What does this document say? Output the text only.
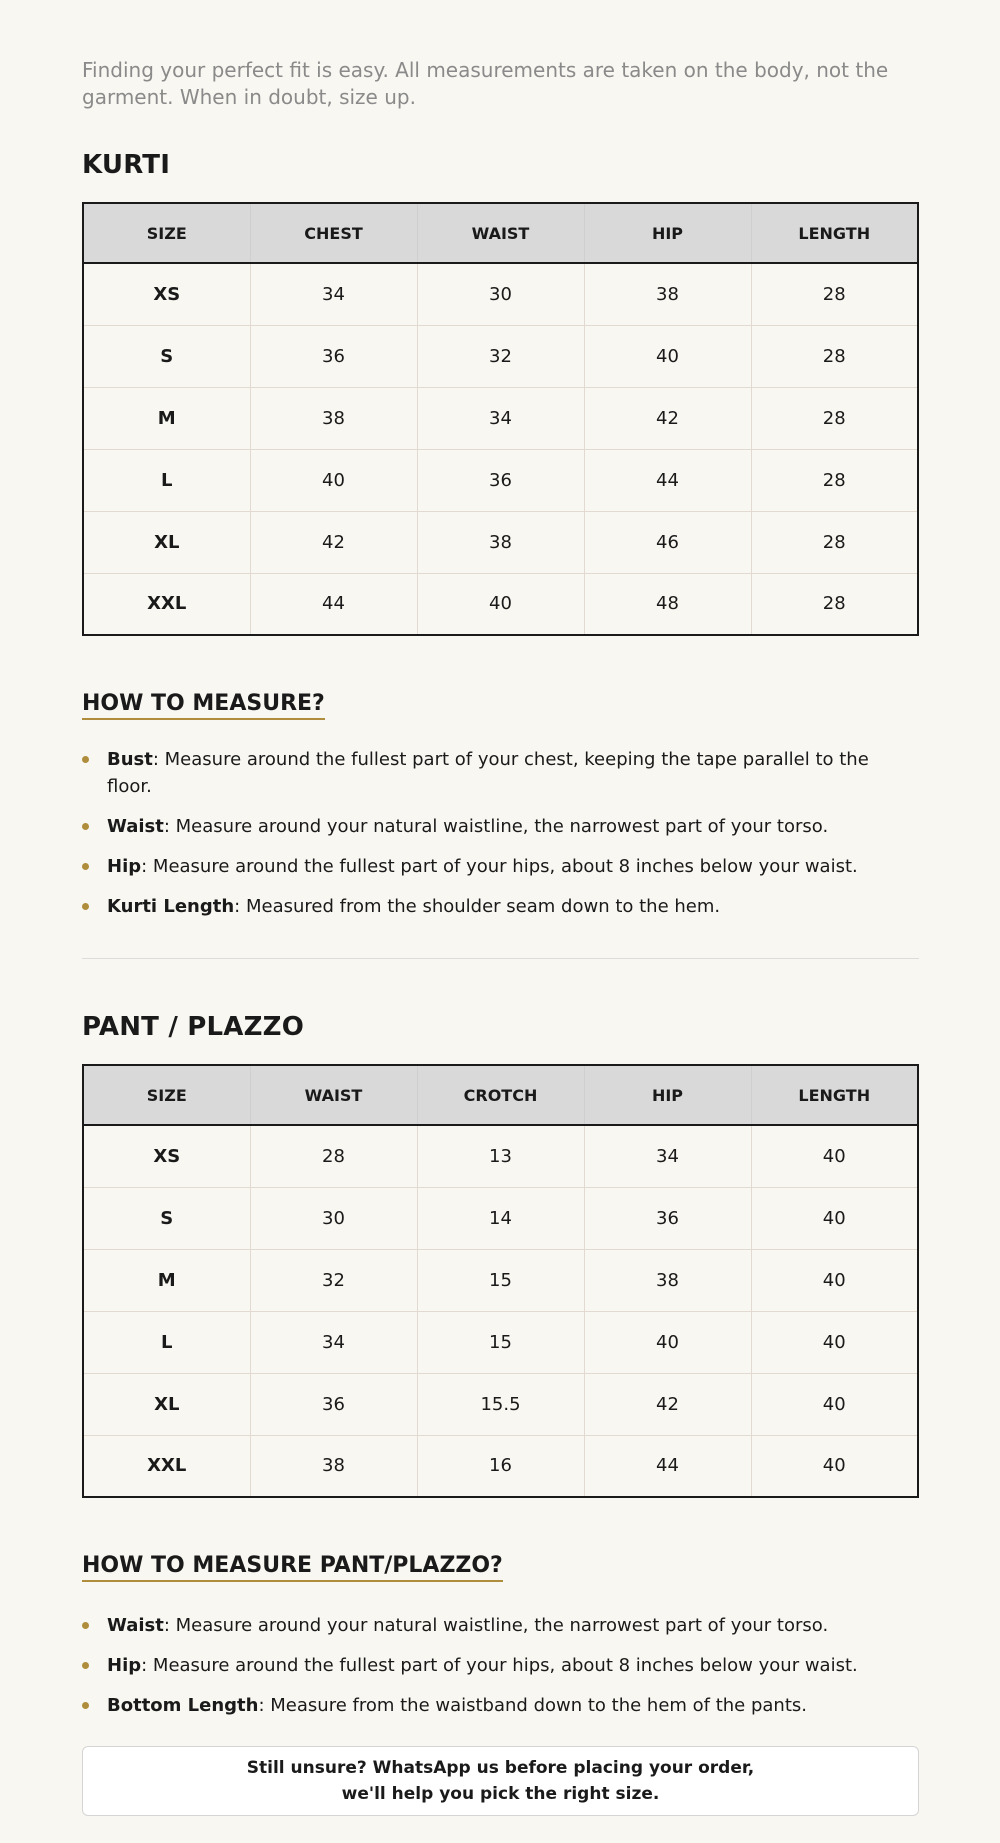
Finding your perfect fit is easy. All measurements are taken on the body, not the garment. When in doubt, size up.

KURTI
SIZE	CHEST	WAIST	HIP	LENGTH
XS	34	30	38	28
S	36	32	40	28
M	38	34	42	28
L	40	36	44	28
XL	42	38	46	28
XXL	44	40	48	28
HOW TO MEASURE?
Bust: Measure around the fullest part of your chest, keeping the tape parallel to the floor.
Waist: Measure around your natural waistline, the narrowest part of your torso.
Hip: Measure around the fullest part of your hips, about 8 inches below your waist.
Kurti Length: Measured from the shoulder seam down to the hem.
PANT / PLAZZO
SIZE	WAIST	CROTCH	HIP	LENGTH
XS	28	13	34	40
S	30	14	36	40
M	32	15	38	40
L	34	15	40	40
XL	36	15.5	42	40
XXL	38	16	44	40
HOW TO MEASURE PANT/PLAZZO?
Waist: Measure around your natural waistline, the narrowest part of your torso.
Hip: Measure around the fullest part of your hips, about 8 inches below your waist.
Bottom Length: Measure from the waistband down to the hem of the pants.
Still unsure? WhatsApp us before placing your order,
we'll help you pick the right size.
